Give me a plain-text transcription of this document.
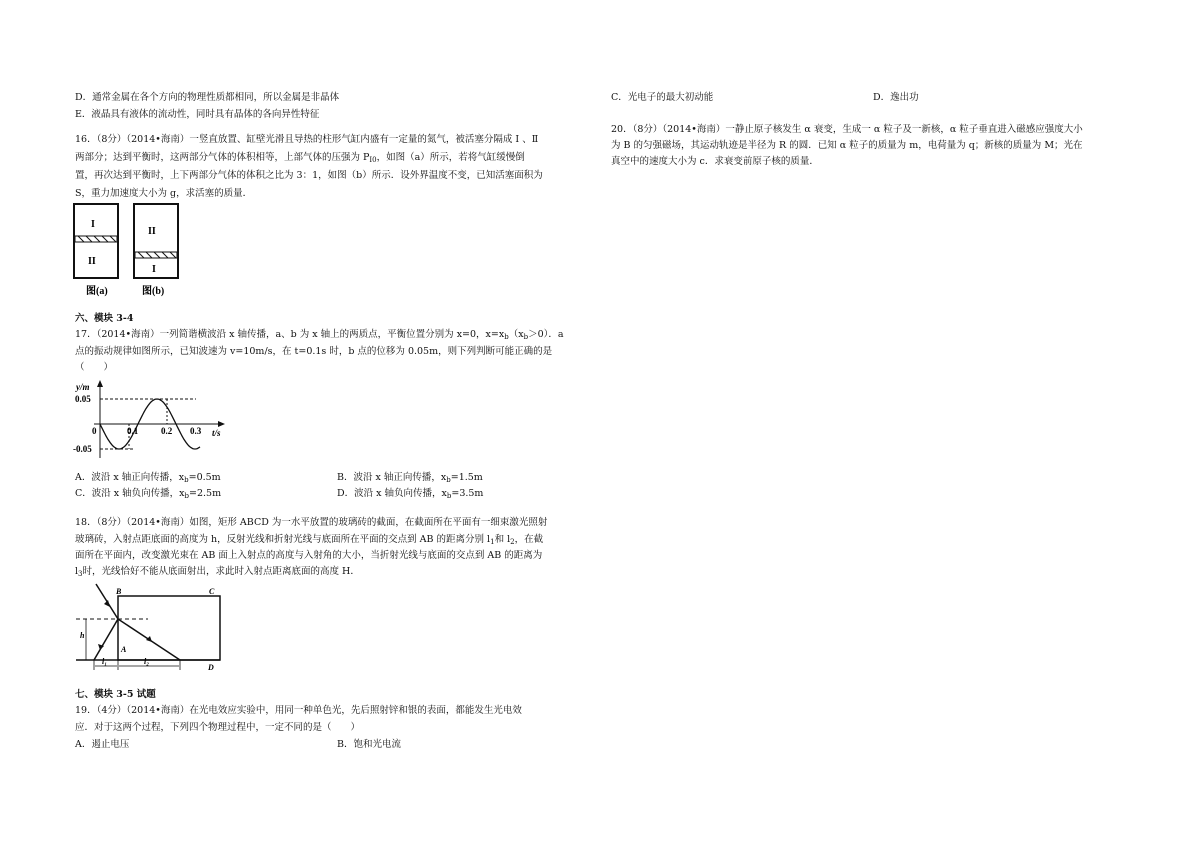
D．通常金属在各个方向的物理性质都相同，所以金属是非晶体
E．液晶具有液体的流动性，同时具有晶体的各向异性特征
16．（8分）（2014•海南）一竖直放置、缸壁光滑且导热的柱形气缸内盛有一定量的氮气，被活塞分隔成 Ⅰ 、Ⅱ
两部分；达到平衡时，这两部分气体的体积相等，上部气体的压强为 $P_{Ⅰ0}$，如图（a）所示，若将气缸缓慢倒
置，再次达到平衡时，上下两部分气体的体积之比为 3：1，如图（b）所示．设外界温度不变，已知活塞面积为
S，重力加速度大小为 g，求活塞的质量．
I
II
II
I
图(a)	图(b)
六、模块 3-4
17．（2014•海南）一列简谐横波沿 x 轴传播，a、b 为 x 轴上的两质点，平衡位置分别为 x=0，$x=x_b(x_b>0)$．a
点的振动规律如图所示，已知波速为 v=10m/s，在 t=0.1s 时，b 点的位移为 0.05m，则下列判断可能正确的是
（　　）
y/m
t/s
0.05
-0.05
0	0.1	0.2 0.3
A．波沿 x 轴正向传播，$x_b=0.5m$	B．波沿 x 轴正向传播，$x_b=1.5m$
C．波沿 x 轴负向传播，$x_b=2.5m$	D．波沿 x 轴负向传播，$x_b=3.5m$
18．（8分）（2014•海南）如图，矩形 ABCD 为一水平放置的玻璃砖的截面，在截面所在平面有一细束激光照射
玻璃砖，入射点距底面的高度为 h，反射光线和折射光线与底面所在平面的交点到 AB 的距离分别 $l_1$和 $l_2$，在截
面所在平面内，改变激光束在 AB 面上入射点的高度与入射角的大小，当折射光线与底面的交点到 AB 的距离为
$l_3$时，光线恰好不能从底面射出，求此时入射点距离底面的高度 H．
B	C
A
D
h
l₁	l₂
七、模块 3-5 试题
19．（4分）（2014•海南）在光电效应实验中，用同一种单色光，先后照射锌和银的表面，都能发生光电效
应．对于这两个过程，下列四个物理过程中，一定不同的是（　　）
A．遏止电压	B．饱和光电流
C．光电子的最大初动能	D．逸出功
20．（8分）（2014•海南）一静止原子核发生 α 衰变，生成一 α 粒子及一新核，α 粒子垂直进入磁感应强度大小
为 B 的匀强磁场，其运动轨迹是半径为 R 的圆．已知 α 粒子的质量为 m，电荷量为 q；新核的质量为 M；光在
真空中的速度大小为 c．求衰变前原子核的质量．
